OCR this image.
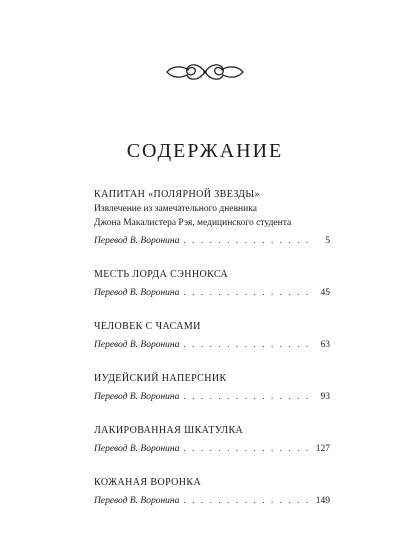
СОДЕРЖАНИЕ
КАПИТАН «ПОЛЯРНОЙ ЗВЕЗДЫ»
Извлечение из замечательного дневника
Джона Макалистера Рэя, медицинского студента
Перевод В. Воронина . . .	5
МЕСТЬ ЛОРДА СЭННОКСА
Перевод В. Воронина . . .	45
ЧЕЛОВЕК С ЧАСАМИ
Перевод В. Воронина . . .	63
ИУДЕЙСКИЙ НАПЕРСНИК
Перевод В. Воронина . . .	93
ЛАКИРОВАННАЯ ШКАТУЛКА
Перевод В. Воронина . . .	127
КОЖАНАЯ ВОРОНКА
Перевод В. Воронина . . .	149
